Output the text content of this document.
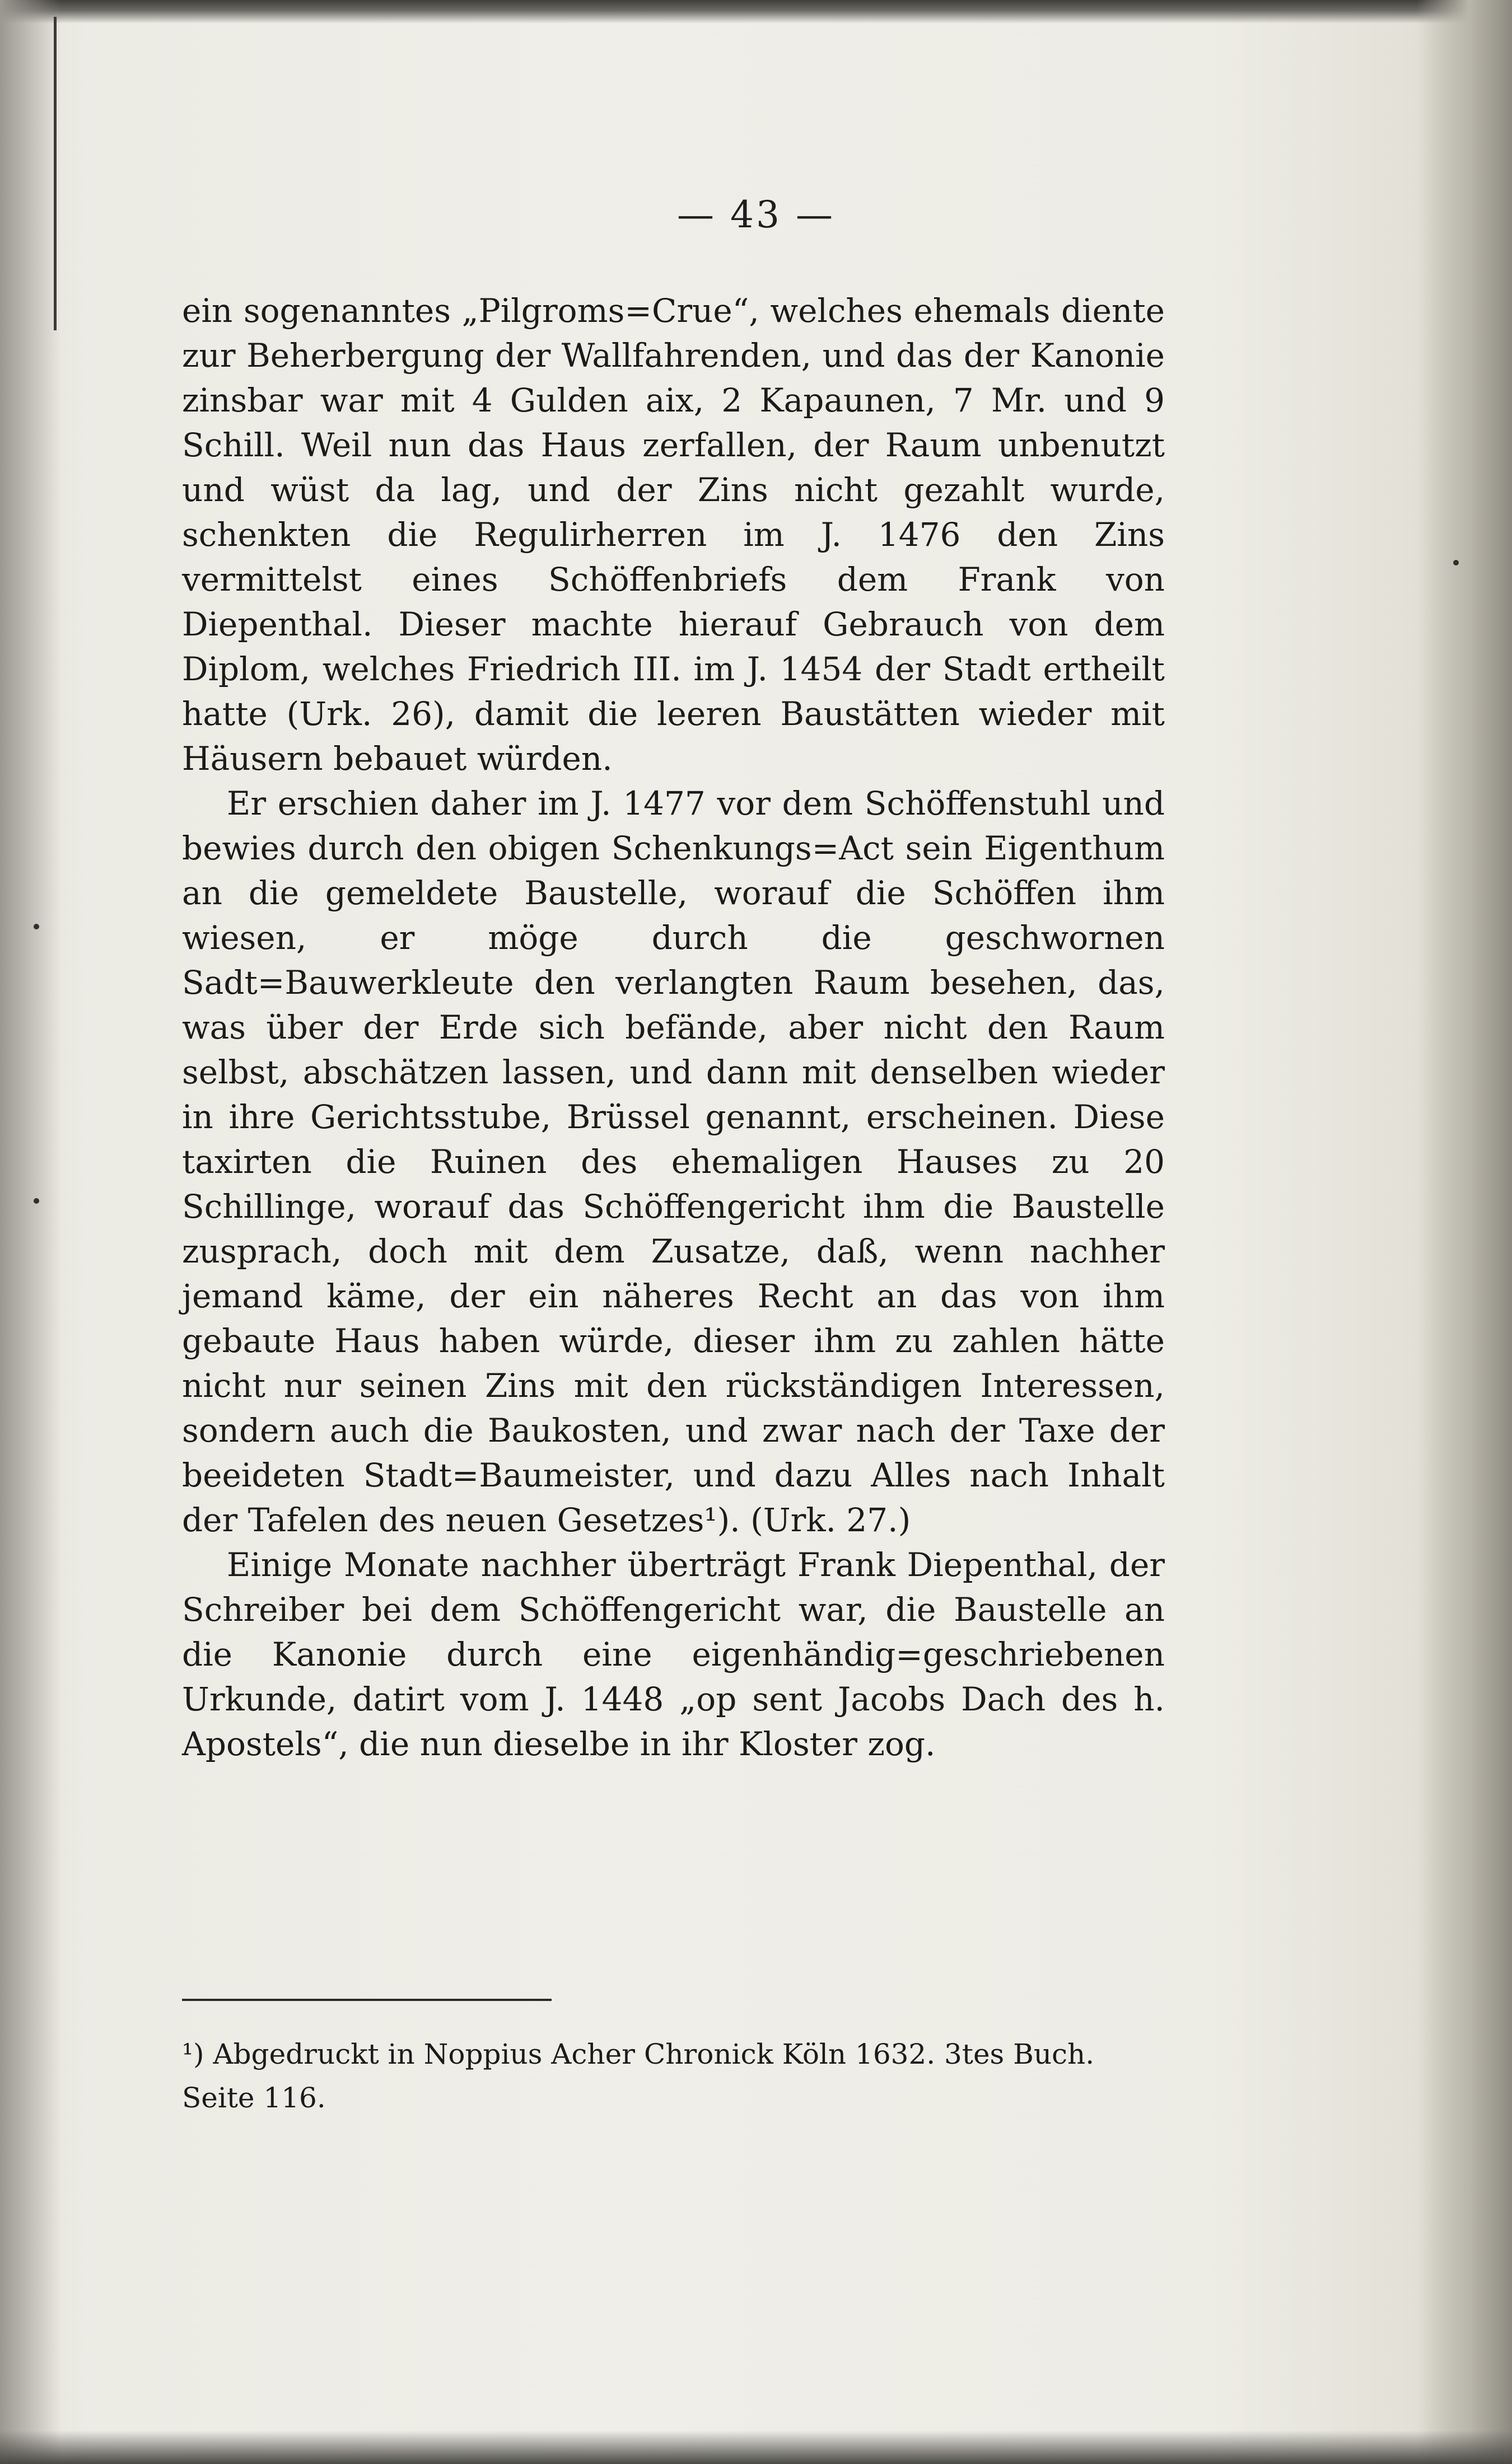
— 43 —

ein sogenanntes „Pilgroms=Crue“, welches ehemals diente zur Beherbergung der Wallfahrenden, und das der Kanonie zinsbar war mit 4 Gulden aix, 2 Kapaunen, 7 Mr. und 9 Schill. Weil nun das Haus zerfallen, der Raum unbenutzt und wüst da lag, und der Zins nicht gezahlt wurde, schenkten die Regulirherren im J. 1476 den Zins vermittelst eines Schöffenbriefs dem Frank von Diepenthal. Dieser machte hierauf Gebrauch von dem Diplom, welches Friedrich III. im J. 1454 der Stadt ertheilt hatte (Urk. 26), damit die leeren Baustätten wieder mit Häusern bebauet würden.

Er erschien daher im J. 1477 vor dem Schöffenstuhl und bewies durch den obigen Schenkungs=Act sein Eigenthum an die gemeldete Baustelle, worauf die Schöffen ihm wiesen, er möge durch die geschwornen Sadt=Bauwerkleute den verlangten Raum besehen, das, was über der Erde sich befände, aber nicht den Raum selbst, abschätzen lassen, und dann mit denselben wieder in ihre Gerichtsstube, Brüssel genannt, erscheinen. Diese taxirten die Ruinen des ehemaligen Hauses zu 20 Schillinge, worauf das Schöffengericht ihm die Baustelle zusprach, doch mit dem Zusatze, daß, wenn nachher jemand käme, der ein näheres Recht an das von ihm gebaute Haus haben würde, dieser ihm zu zahlen hätte nicht nur seinen Zins mit den rückständigen Interessen, sondern auch die Baukosten, und zwar nach der Taxe der beeideten Stadt=Baumeister, und dazu Alles nach Inhalt der Tafelen des neuen Gesetzes¹). (Urk. 27.)

Einige Monate nachher überträgt Frank Diepenthal, der Schreiber bei dem Schöffengericht war, die Baustelle an die Kanonie durch eine eigenhändig=geschriebenen Urkunde, datirt vom J. 1448 „op sent Jacobs Dach des h. Apostels“, die nun dieselbe in ihr Kloster zog.

¹) Abgedruckt in Noppius Acher Chronick Köln 1632. 3tes Buch. Seite 116.
